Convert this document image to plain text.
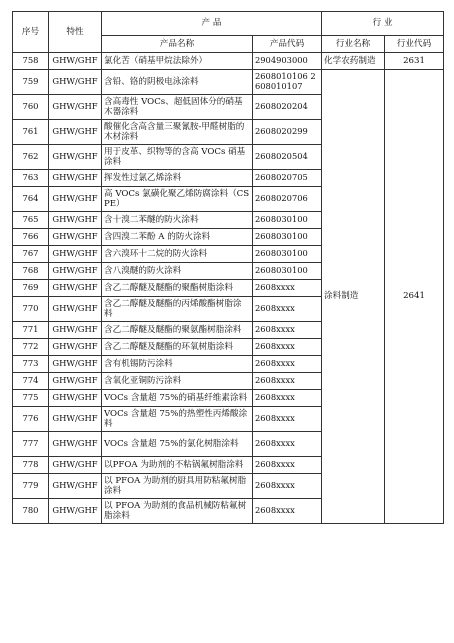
序号	特性	产 品		行 业	
		产品名称	产品代码	行业名称	行业代码
758	GHW/GHF	氯化苦（硝基甲烷法除外）	2904903000	化学农药制造	2631
759	GHW/GHF	含铅、铬的阴极电泳涂料	2608010106 2608010107	涂料制造	2641
760	GHW/GHF	含高毒性 VOCs、超低固体分的硝基木器涂料	2608020204		
761	GHW/GHF	酸催化含高含量三聚氰胺-甲醛树脂的木材涂料	2608020299		
762	GHW/GHF	用于皮革、织物等的含高 VOCs 硝基涂料	2608020504		
763	GHW/GHF	挥发性过氯乙烯涂料	2608020705		
764	GHW/GHF	高 VOCs 氯磺化聚乙烯防腐涂料（CSPE）	2608020706		
765	GHW/GHF	含十溴二苯醚的防火涂料	2608030100		
766	GHW/GHF	含四溴二苯酚 A 的防火涂料	2608030100		
767	GHW/GHF	含六溴环十二烷的防火涂料	2608030100		
768	GHW/GHF	含八溴醚的防火涂料	2608030100		
769	GHW/GHF	含乙二醇醚及醚酯的聚酯树脂涂料	2608xxxx		
770	GHW/GHF	含乙二醇醚及醚酯的丙烯酸酯树脂涂料	2608xxxx		
771	GHW/GHF	含乙二醇醚及醚酯的聚氨酯树脂涂料	2608xxxx		
772	GHW/GHF	含乙二醇醚及醚酯的环氧树脂涂料	2608xxxx		
773	GHW/GHF	含有机锡防污涂料	2608xxxx		
774	GHW/GHF	含氧化亚铜防污涂料	2608xxxx		
775	GHW/GHF	VOCs 含量超 75%的硝基纤维素涂料	2608xxxx		
776	GHW/GHF	VOCs 含量超 75%的热塑性丙烯酸涂料	2608xxxx		
777	GHW/GHF	VOCs 含量超 75%的氯化树脂涂料	2608xxxx		
778	GHW/GHF	以PFOA 为助剂的不粘锅氟树脂涂料	2608xxxx		
779	GHW/GHF	以 PFOA 为助剂的厨具用防粘氟树脂涂料	2608xxxx		
780	GHW/GHF	以 PFOA 为助剂的食品机械防粘氟树脂涂料	2608xxxx		
